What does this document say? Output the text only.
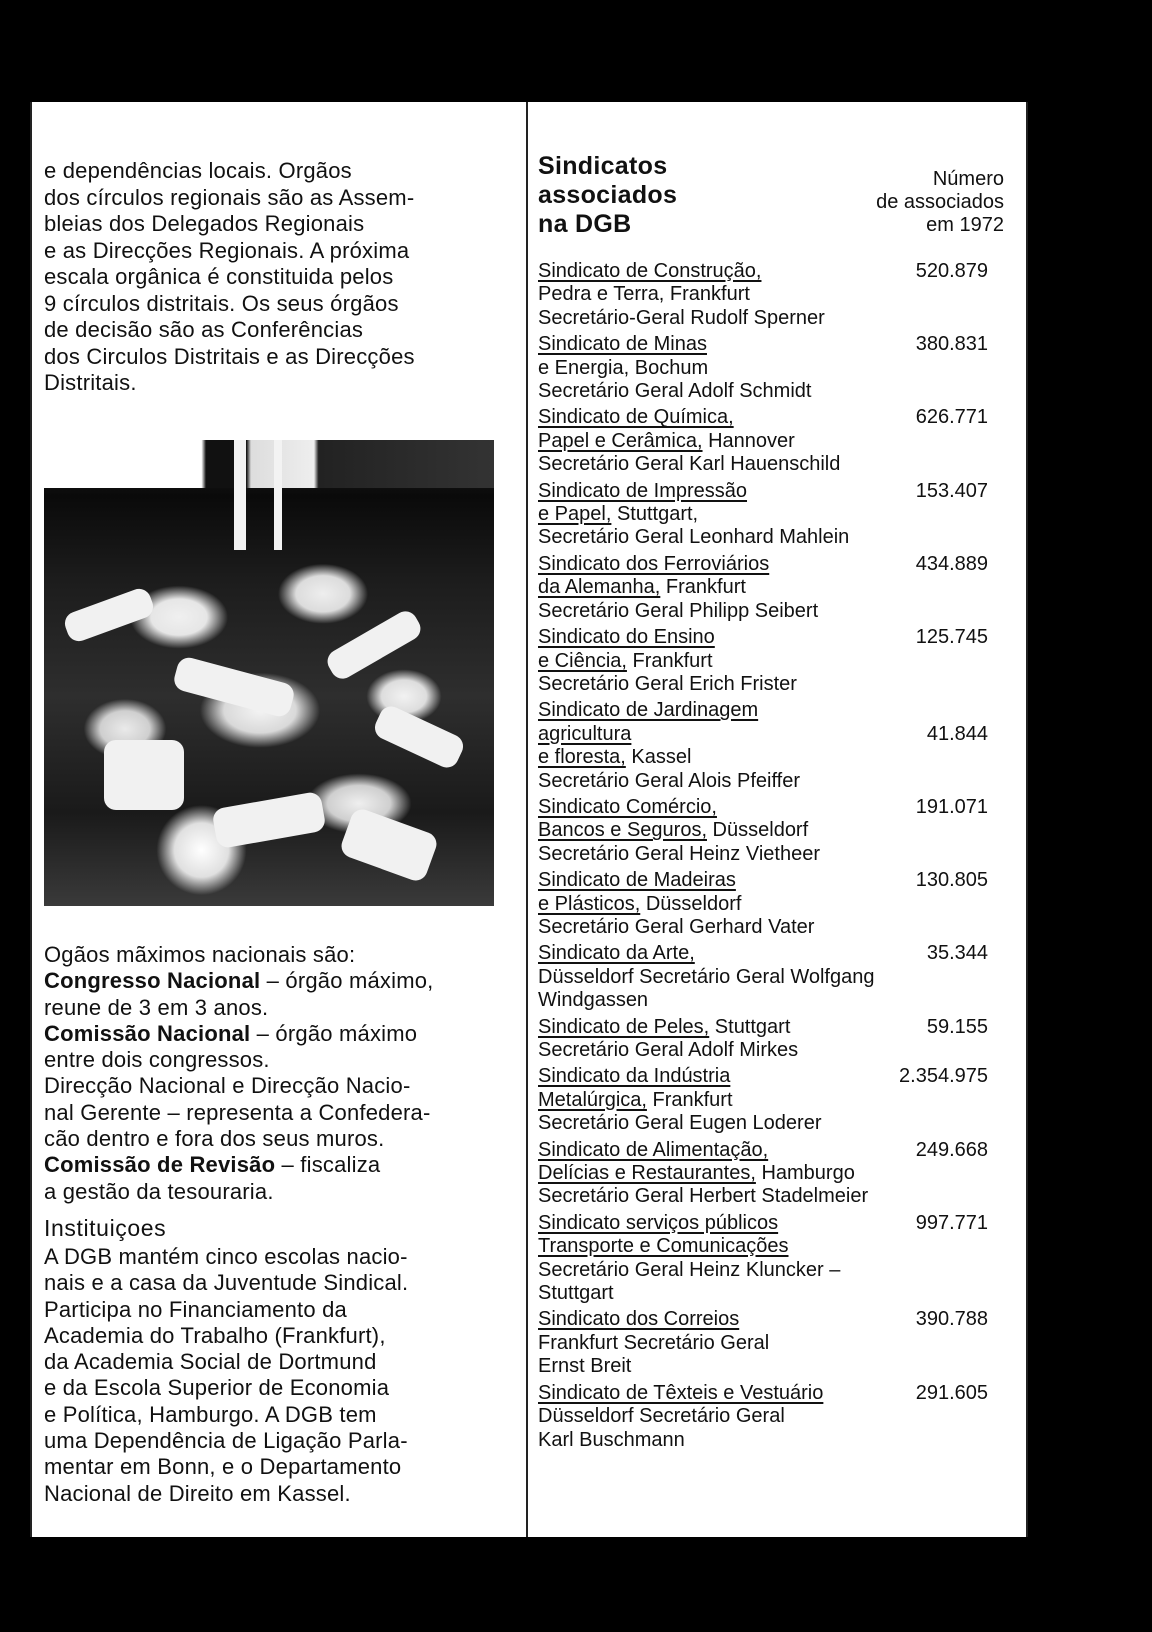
e dependências locais. Orgãos
dos círculos regionais são as Assem-
bleias dos Delegados Regionais
e as Direcções Regionais. A próxima
escala orgânica é constituida pelos
9 círculos distritais. Os seus órgãos
de decisão são as Conferências
dos Circulos Distritais e as Direcções
Distritais.

Ogãos mãximos nacionais são:

Congresso Nacional – órgão máximo,

reune de 3 em 3 anos.

Comissão Nacional – órgão máximo

entre dois congressos.

Direcção Nacional e Direcção Nacio-

nal Gerente – representa a Confedera-

cão dentro e fora dos seus muros.

Comissão de Revisão – fiscaliza

a gestão da tesouraria.

Instituiçoes

A DGB mantém cinco escolas nacio-

nais e a casa da Juventude Sindical.

Participa no Financiamento da

Academia do Trabalho (Frankfurt),

da Academia Social de Dortmund

e da Escola Superior de Economia

e Política, Hamburgo. A DGB tem

uma Dependência de Ligação Parla-

mentar em Bonn, e o Departamento

Nacional de Direito em Kassel.

Sindicatos
associados
na DGB

Número
de associados
em 1972

Sindicato de Construção,

Pedra e Terra, Frankfurt

Secretário-Geral Rudolf Sperner

520.879

Sindicato de Minas

e Energia, Bochum

Secretário Geral Adolf Schmidt

380.831

Sindicato de Química,

Papel e Cerâmica, Hannover

Secretário Geral Karl Hauenschild

626.771

Sindicato de Impressão

e Papel, Stuttgart,

Secretário Geral Leonhard Mahlein

153.407

Sindicato dos Ferroviários

da Alemanha, Frankfurt

Secretário Geral Philipp Seibert

434.889

Sindicato do Ensino

e Ciência, Frankfurt

Secretário Geral Erich Frister

125.745

Sindicato de Jardinagem

agricultura

e floresta, Kassel

Secretário Geral Alois Pfeiffer

41.844

Sindicato Comércio,

Bancos e Seguros, Düsseldorf

Secretário Geral Heinz Vietheer

191.071

Sindicato de Madeiras

e Plásticos, Düsseldorf

Secretário Geral Gerhard Vater

130.805

Sindicato da Arte,

Düsseldorf Secretário Geral Wolfgang

Windgassen

35.344

Sindicato de Peles, Stuttgart

Secretário Geral Adolf Mirkes

59.155

Sindicato da Indústria

Metalúrgica, Frankfurt

Secretário Geral Eugen Loderer

2.354.975

Sindicato de Alimentação,

Delícias e Restaurantes, Hamburgo

Secretário Geral Herbert Stadelmeier

249.668

Sindicato serviços públicos

Transporte e Comunicações

Secretário Geral Heinz Kluncker –

Stuttgart

997.771

Sindicato dos Correios

Frankfurt Secretário Geral

Ernst Breit

390.788

Sindicato de Têxteis e Vestuário

Düsseldorf Secretário Geral

Karl Buschmann

291.605
